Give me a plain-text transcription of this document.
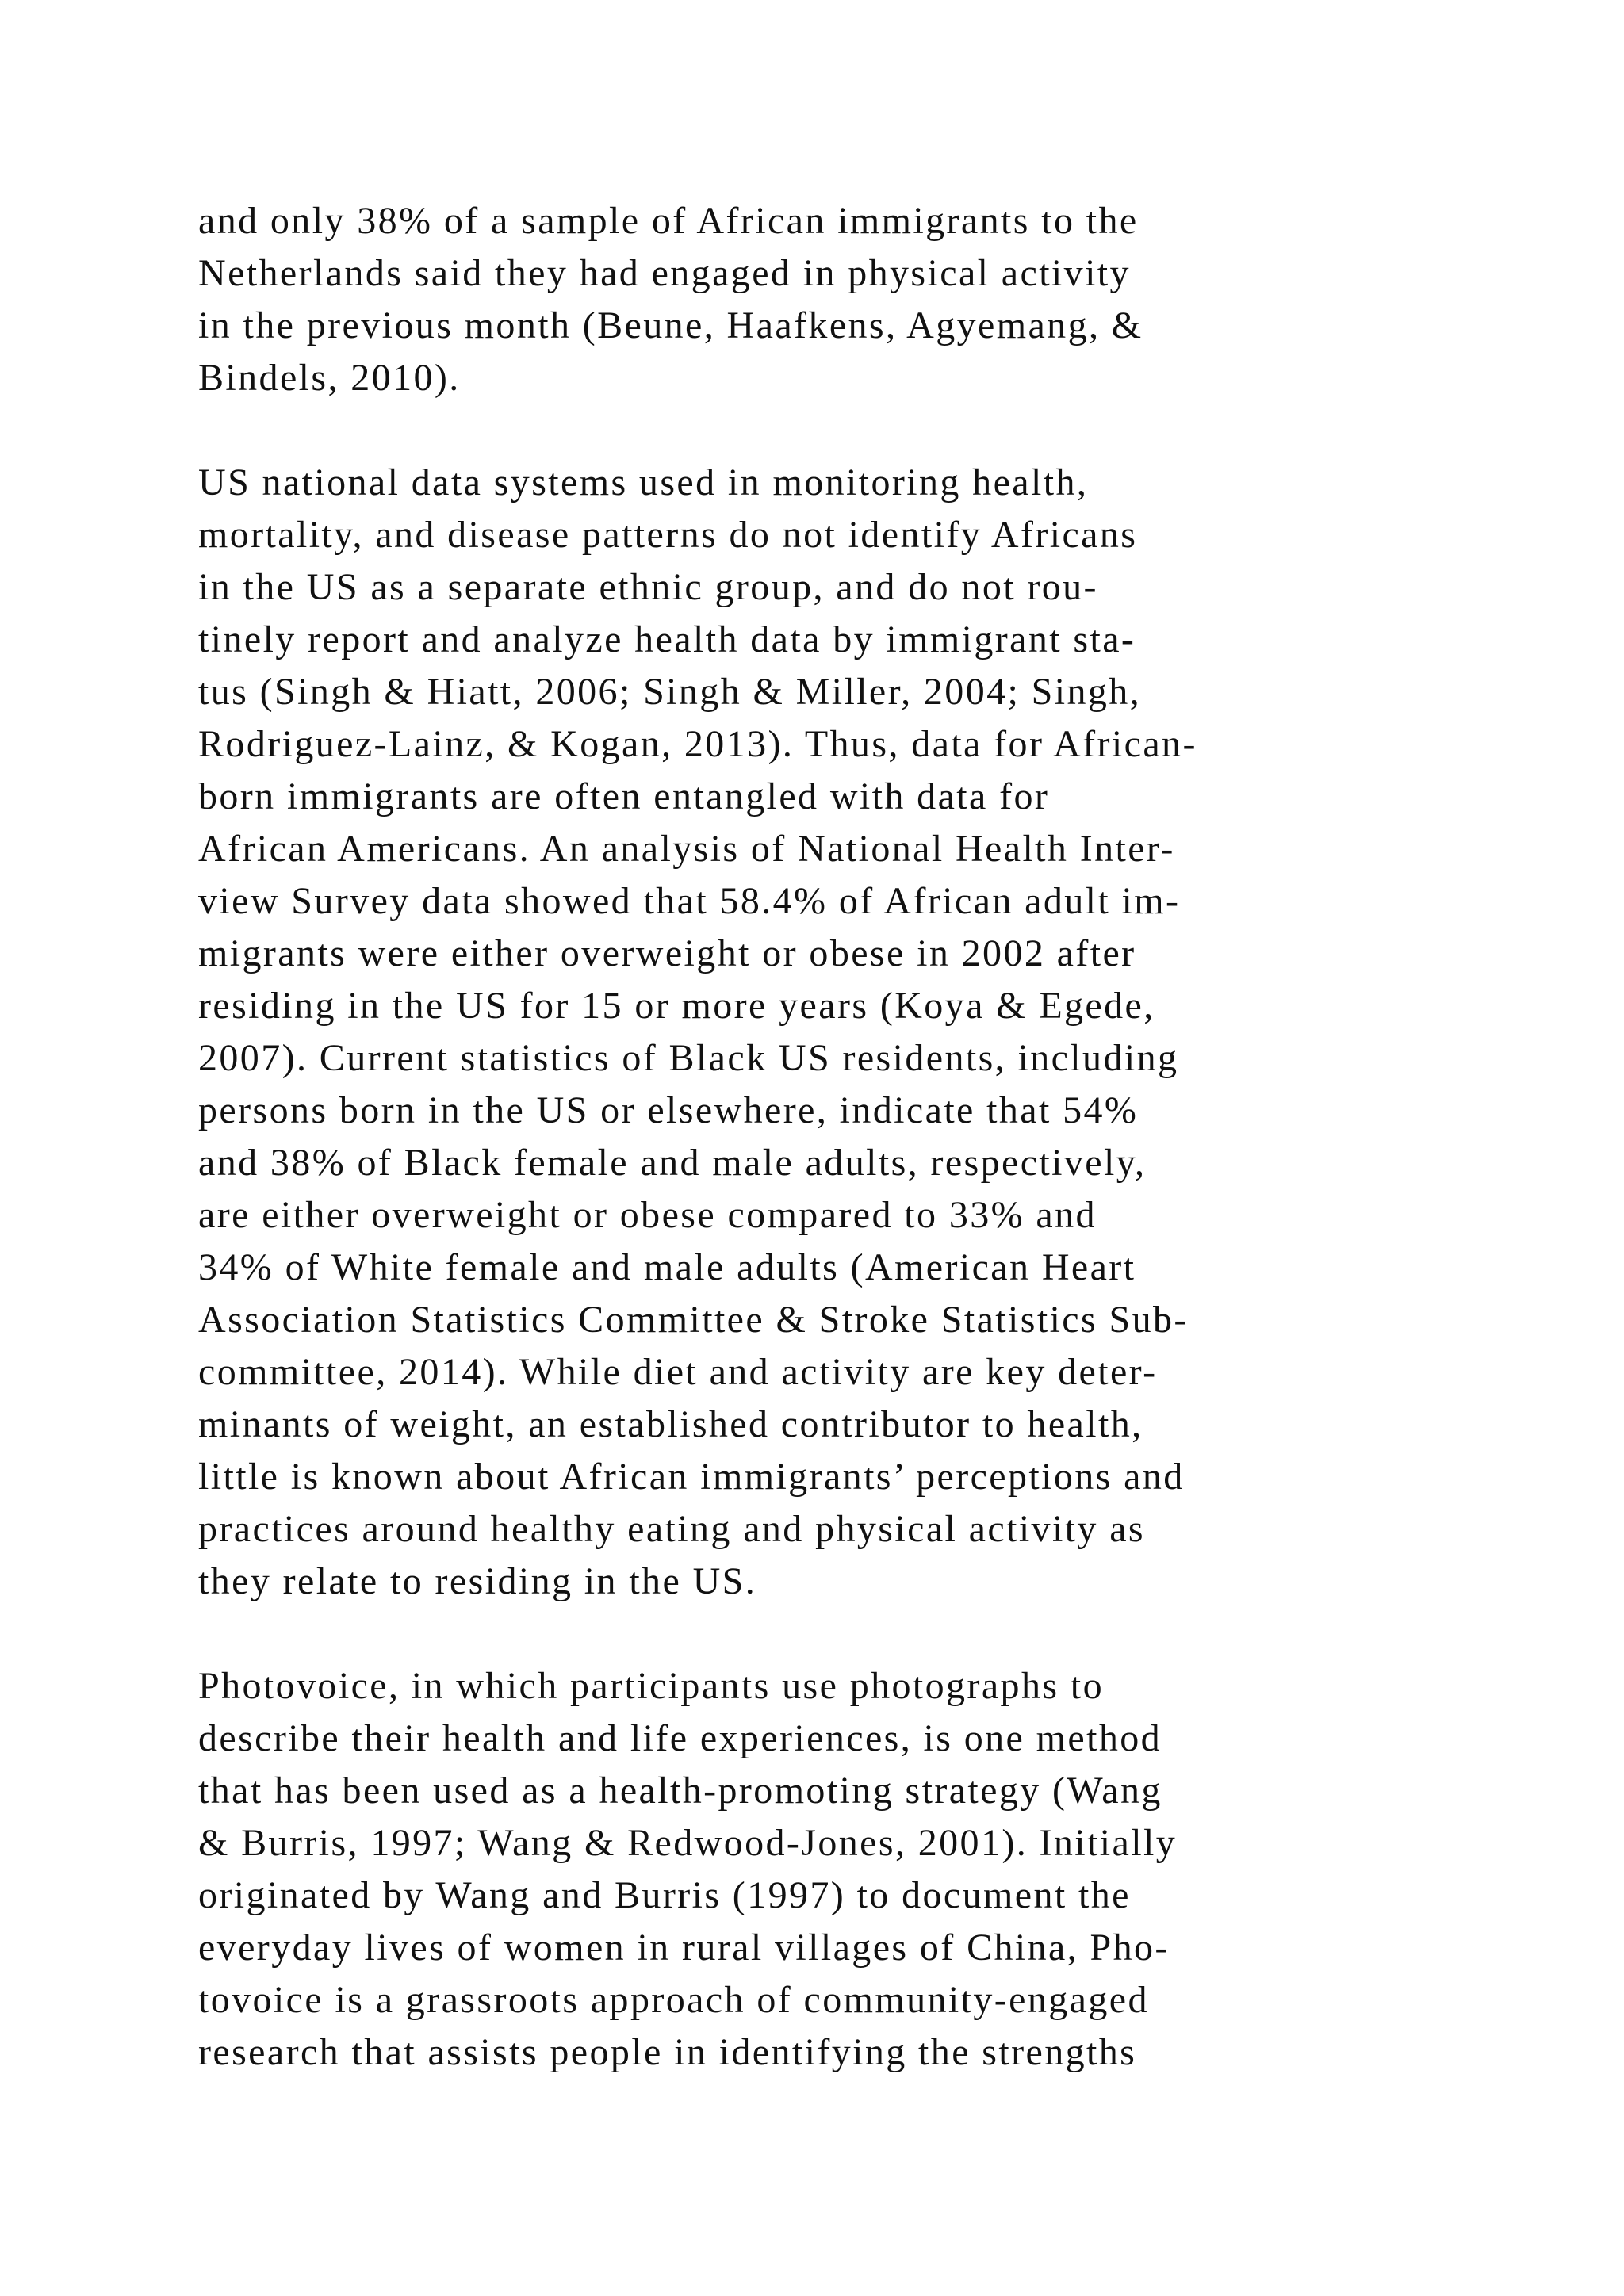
and only 38% of a sample of African immigrants to the
Netherlands said they had engaged in physical activity
in the previous month (Beune, Haafkens, Agyemang, &
Bindels, 2010).
US national data systems used in monitoring health,
mortality, and disease patterns do not identify Africans
in the US as a separate ethnic group, and do not rou-
tinely report and analyze health data by immigrant sta-
tus (Singh & Hiatt, 2006; Singh & Miller, 2004; Singh,
Rodriguez-Lainz, & Kogan, 2013). Thus, data for African-
born immigrants are often entangled with data for
African Americans. An analysis of National Health Inter-
view Survey data showed that 58.4% of African adult im-
migrants were either overweight or obese in 2002 after
residing in the US for 15 or more years (Koya & Egede,
2007). Current statistics of Black US residents, including
persons born in the US or elsewhere, indicate that 54%
and 38% of Black female and male adults, respectively,
are either overweight or obese compared to 33% and
34% of White female and male adults (American Heart
Association Statistics Committee & Stroke Statistics Sub-
committee, 2014). While diet and activity are key deter-
minants of weight, an established contributor to health,
little is known about African immigrants’ perceptions and
practices around healthy eating and physical activity as
they relate to residing in the US.
Photovoice, in which participants use photographs to
describe their health and life experiences, is one method
that has been used as a health-promoting strategy (Wang
& Burris, 1997; Wang & Redwood-Jones, 2001). Initially
originated by Wang and Burris (1997) to document the
everyday lives of women in rural villages of China, Pho-
tovoice is a grassroots approach of community-engaged
research that assists people in identifying the strengths
